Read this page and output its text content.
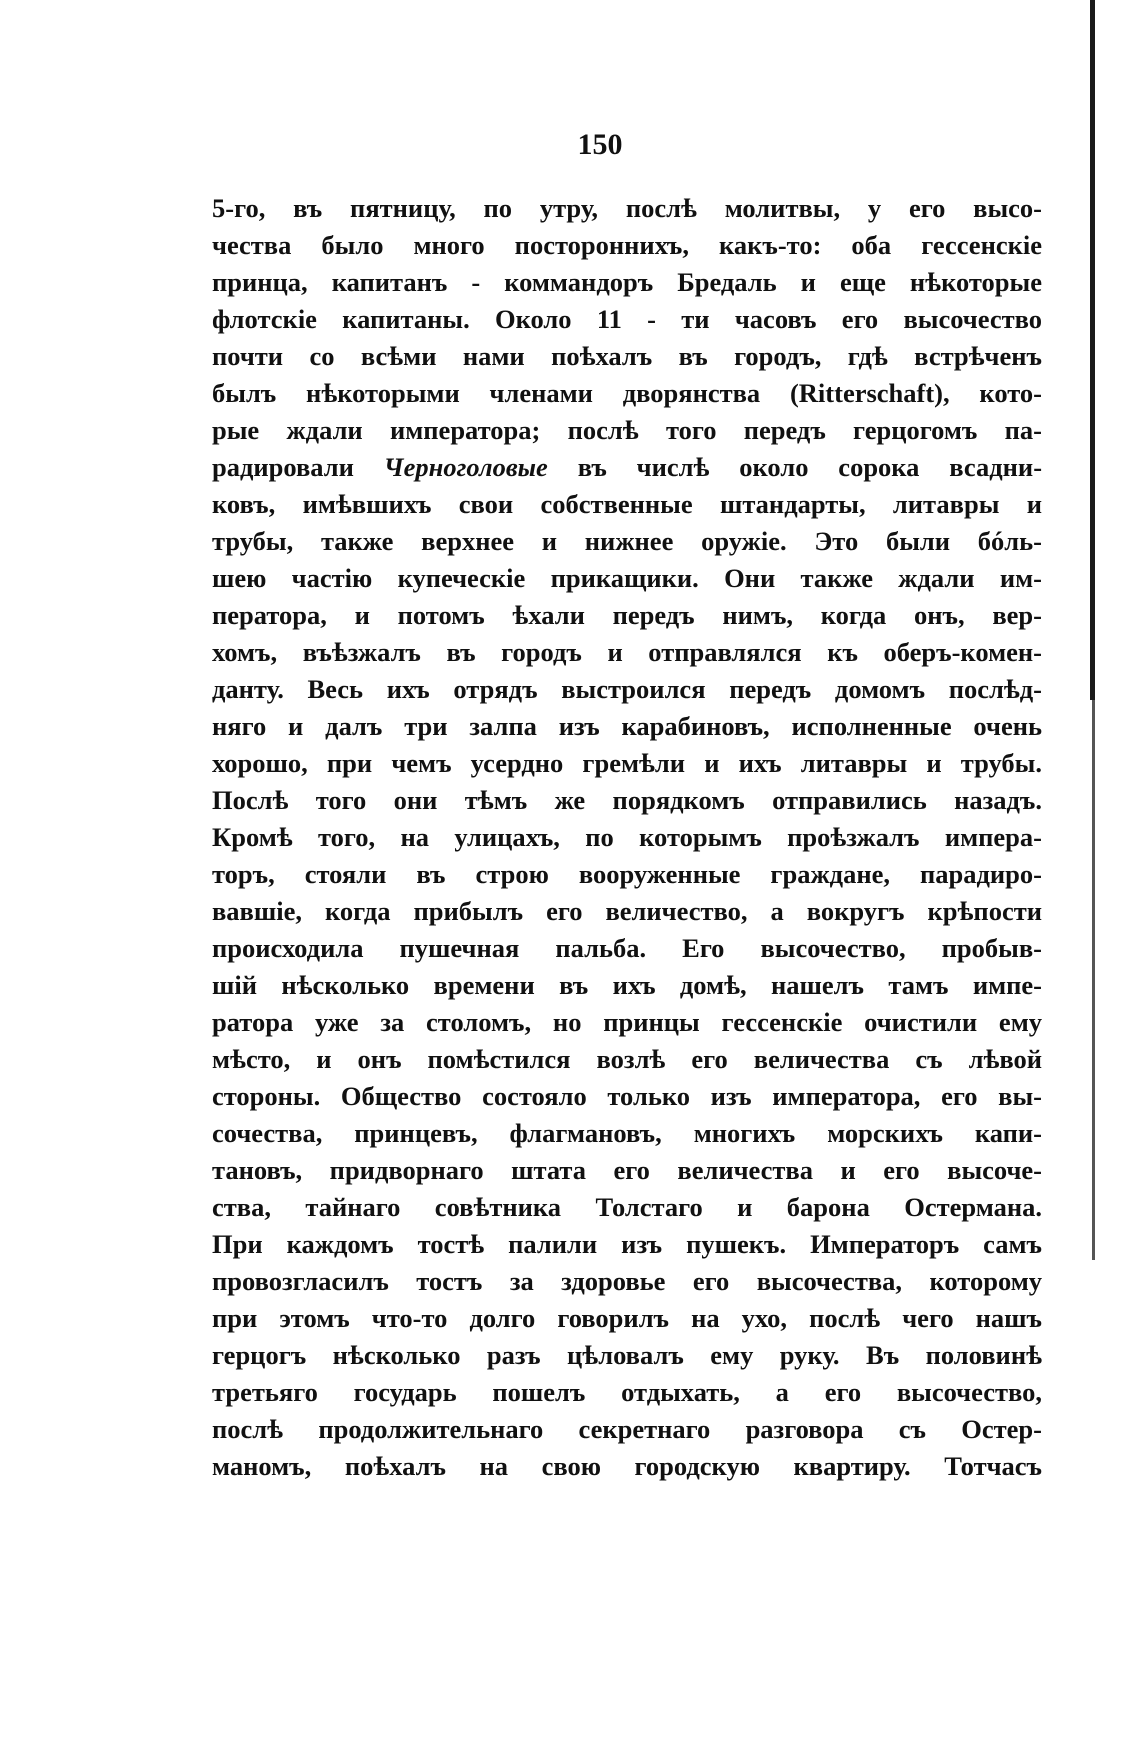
150
5-го, въ пятницу, по утру, послѣ молитвы, у его высо-
чества было много постороннихъ, какъ-то: оба гессенскіе
принца, капитанъ - коммандоръ Бредаль и еще нѣкоторые
флотскіе капитаны. Около 11 - ти часовъ его высочество
почти со всѣми нами поѣхалъ въ городъ, гдѣ встрѣченъ
былъ нѣкоторыми членами дворянства (Ritterschaft), кото-
рые ждали императора; послѣ того передъ герцогомъ па-
радировали Черноголовые въ числѣ около сорока всадни-
ковъ, имѣвшихъ свои собственные штандарты, литавры и
трубы, также верхнее и нижнее оружіе. Это были бóль-
шею частію купеческіе прикащики. Они также ждали им-
ператора, и потомъ ѣхали передъ нимъ, когда онъ, вер-
хомъ, въѣзжалъ въ городъ и отправлялся къ оберъ-комен-
данту. Весь ихъ отрядъ выстроился передъ домомъ послѣд-
няго и далъ три залпа изъ карабиновъ, исполненные очень
хорошо, при чемъ усердно гремѣли и ихъ литавры и трубы.
Послѣ того они тѣмъ же порядкомъ отправились назадъ.
Кромѣ того, на улицахъ, по которымъ проѣзжалъ импера-
торъ, стояли въ строю вооруженные граждане, парадиро-
вавшіе, когда прибылъ его величество, а вокругъ крѣпости
происходила пушечная пальба. Его высочество, пробыв-
шій нѣсколько времени въ ихъ домѣ, нашелъ тамъ импе-
ратора уже за столомъ, но принцы гессенскіе очистили ему
мѣсто, и онъ помѣстился возлѣ его величества съ лѣвой
стороны. Общество состояло только изъ императора, его вы-
сочества, принцевъ, флагмановъ, многихъ морскихъ капи-
тановъ, придворнаго штата его величества и его высоче-
ства, тайнаго совѣтника Толстаго и барона Остермана.
При каждомъ тостѣ палили изъ пушекъ. Императоръ самъ
провозгласилъ тостъ за здоровье его высочества, которому
при этомъ что-то долго говорилъ на ухо, послѣ чего нашъ
герцогъ нѣсколько разъ цѣловалъ ему руку. Въ половинѣ
третьяго государь пошелъ отдыхать, а его высочество,
послѣ продолжительнаго секретнаго разговора съ Остер-
маномъ, поѣхалъ на свою городскую квартиру. Тотчасъ
